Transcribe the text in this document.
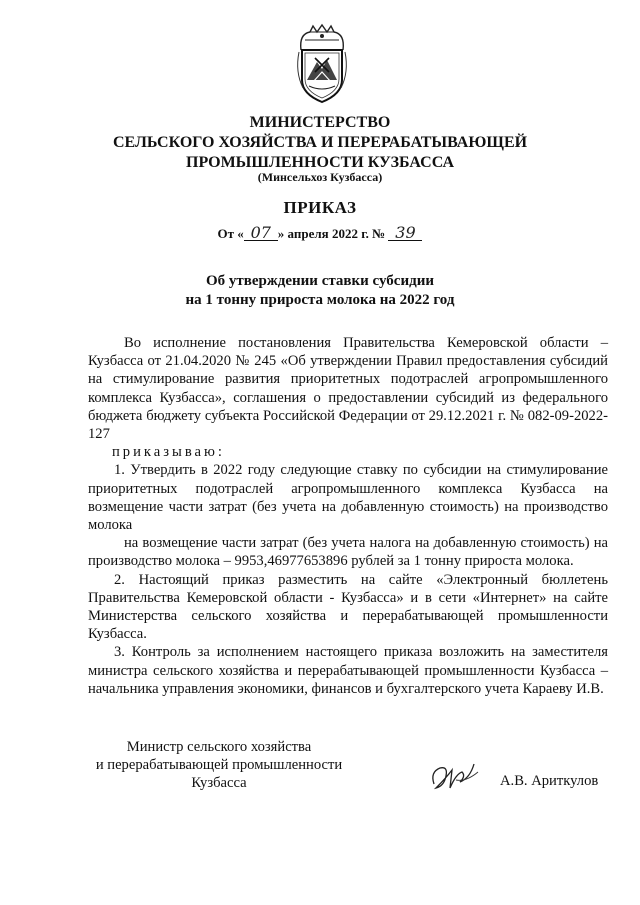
МИНИСТЕРСТВО
СЕЛЬСКОГО ХОЗЯЙСТВА И ПЕРЕРАБАТЫВАЮЩЕЙ
ПРОМЫШЛЕННОСТИ КУЗБАССА
(Минсельхоз Кузбасса)
ПРИКАЗ
От « 07 » апреля 2022 г. № 39
Об утверждении ставки субсидии
на 1 тонну прироста молока на 2022 год

Во исполнение постановления Правительства Кемеровской области – Кузбасса от 21.04.2020 № 245 «Об утверждении Правил предоставления субсидий на стимулирование развития приоритетных подотраслей агропромышленного комплекса Кузбасса», соглашения о предоставлении субсидий из федерального бюджета бюджету субъекта Российской Федерации от 29.12.2021 г. № 082-09-2022-127

приказываю:

1. Утвердить в 2022 году следующие ставку по субсидии на стимулирование приоритетных подотраслей агропромышленного комплекса Кузбасса на возмещение части затрат (без учета на добавленную стоимость) на производство молока

на возмещение части затрат (без учета налога на добавленную стоимость) на производство молока – 9953,46977653896 рублей за 1 тонну прироста молока.

2. Настоящий приказ разместить на сайте «Электронный бюллетень Правительства Кемеровской области - Кузбасса» и в сети «Интернет» на сайте Министерства сельского хозяйства и перерабатывающей промышленности Кузбасса.

3. Контроль за исполнением настоящего приказа возложить на заместителя министра сельского хозяйства и перерабатывающей промышленности Кузбасса – начальника управления экономики, финансов и бухгалтерского учета Караеву И.В.

Министр сельского хозяйства
и перерабатывающей промышленности
Кузбасса	А.В. Ариткулов
